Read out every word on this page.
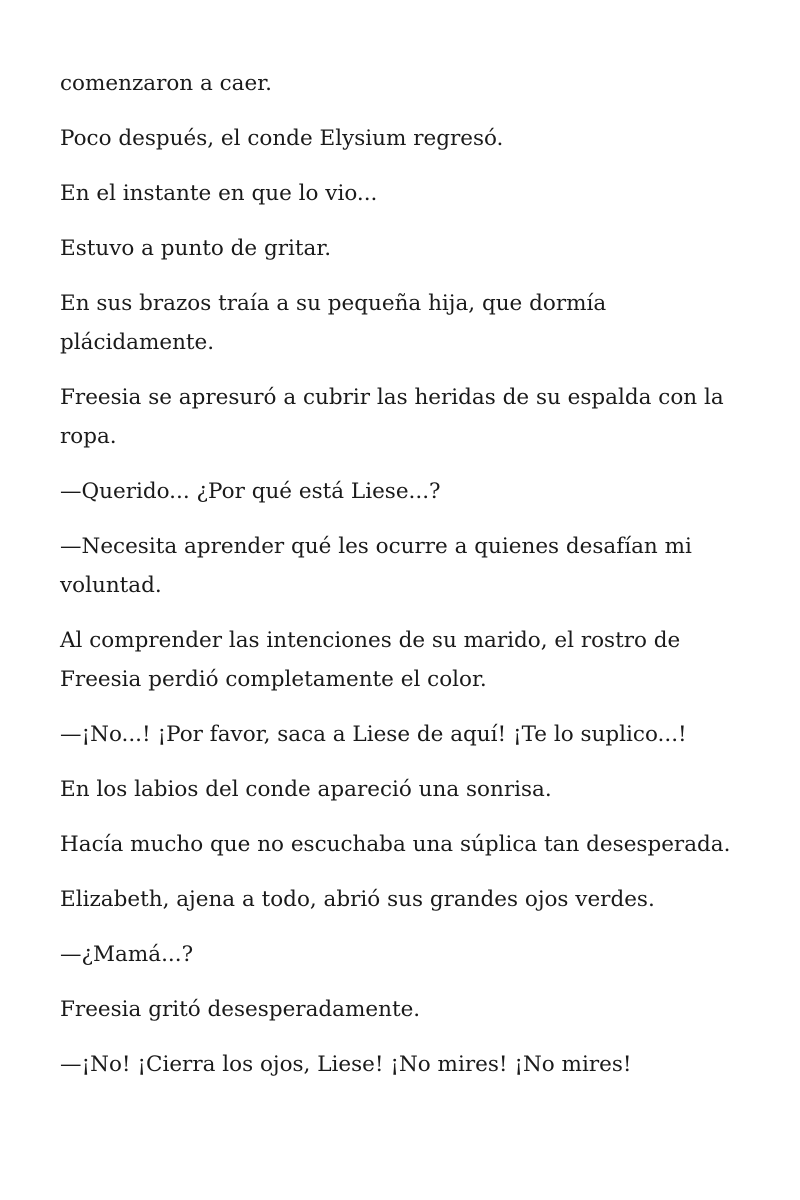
comenzaron a caer.

Poco después, el conde Elysium regresó.

En el instante en que lo vio...

Estuvo a punto de gritar.

En sus brazos traía a su pequeña hija, que dormía plácidamente.

Freesia se apresuró a cubrir las heridas de su espalda con la ropa.

—Querido... ¿Por qué está Liese...?

—Necesita aprender qué les ocurre a quienes desafían mi voluntad.

Al comprender las intenciones de su marido, el rostro de Freesia perdió completamente el color.

—¡No...! ¡Por favor, saca a Liese de aquí! ¡Te lo suplico...!

En los labios del conde apareció una sonrisa.

Hacía mucho que no escuchaba una súplica tan desesperada.

Elizabeth, ajena a todo, abrió sus grandes ojos verdes.

—¿Mamá...?

Freesia gritó desesperadamente.

—¡No! ¡Cierra los ojos, Liese! ¡No mires! ¡No mires!
